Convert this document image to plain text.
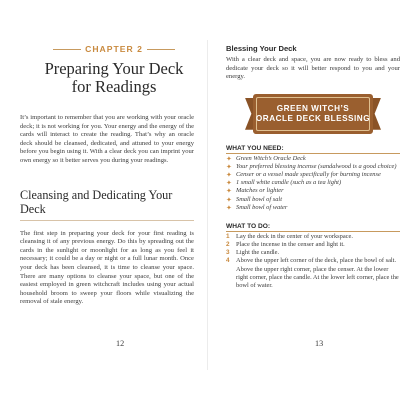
CHAPTER 2
Preparing Your Deck
for Readings
It’s important to remember that you are working with your oracle deck; it is not working for you. Your energy and the energy of the cards will interact to create the reading. That’s why an oracle deck should be cleansed, dedicated, and attuned to your energy before you begin using it. With a clear deck you can imprint your own energy so it better serves you during your readings.
Cleansing and Dedicating Your Deck
The first step in preparing your deck for your first reading is cleansing it of any previous energy. Do this by spreading out the cards in the sunlight or moonlight for as long as you feel it necessary; it could be a day or night or a full lunar month. Once your deck has been cleansed, it is time to cleanse your space. There are many options to cleanse your space, but one of the easiest employed in green witchcraft includes using your actual household broom to sweep your floors while visualizing the removal of stale energy.
12
Blessing Your Deck
With a clear deck and space, you are now ready to bless and dedicate your deck so it will better respond to you and your energy.
GREEN WITCH’S
ORACLE DECK BLESSING
WHAT YOU NEED:
✦ Green Witch’s Oracle Deck
✦ Your preferred blessing incense (sandalwood is a good choice)
✦ Censer or a vessel made specifically for burning incense
✦ 1 small white candle (such as a tea light)
✦ Matches or lighter
✦ Small bowl of salt
✦ Small bowl of water
WHAT TO DO:
1	Lay the deck in the center of your workspace.
2	Place the incense in the censer and light it.
3	Light the candle.
4	Above the upper left corner of the deck, place the bowl of salt. Above the upper right corner, place the censer. At the lower right corner, place the candle. At the lower left corner, place the bowl of water.
13
